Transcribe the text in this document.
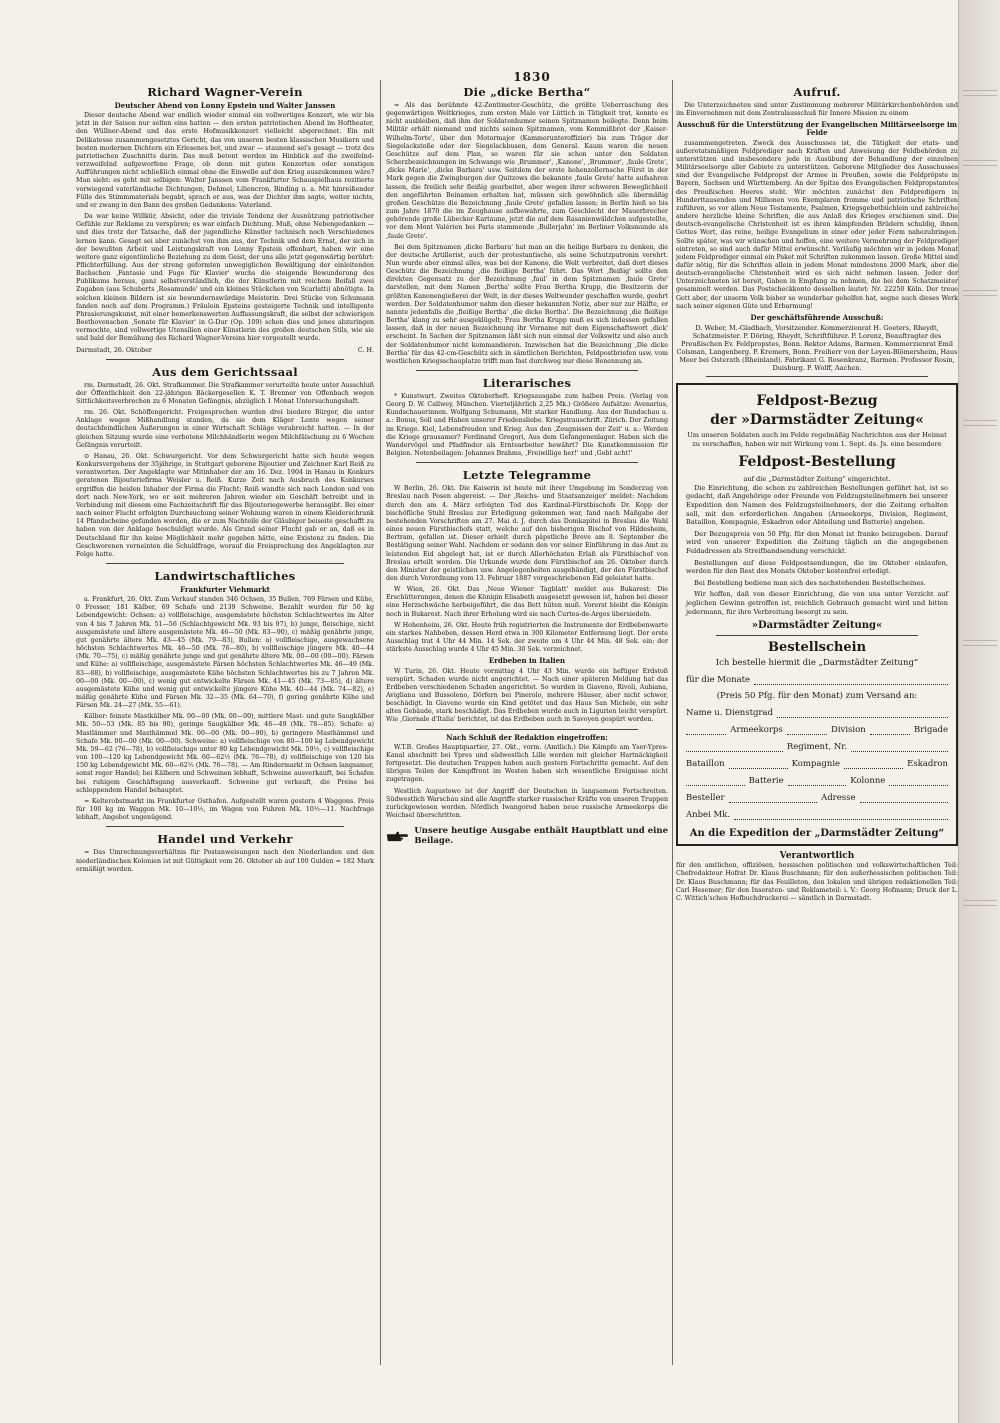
1830
Richard Wagner-Verein
Deutscher Abend von Lonny Epstein und Walter Janssen

Dieser deutsche Abend war endlich wieder einmal ein vollwertiges Konzert, wie wir bis jetzt in der Saison nur selten eins hatten — den ersten patriotischen Abend im Hoftheater, den Wüllner-Abend und das erste Hofmusikkonzert vielleicht abgerechnet. Ein mit Delikatesse zusammengesetztes Gericht, das von unseren besten klassischen Musikern und besten modernen Dichtern ein Erlesenes bot, und zwar — staunend sei's gesagt — trotz des patriotischen Zuschnitts darin. Das muß betont werden im Hinblick auf die zweifelnd-verzweifelnd aufgeworfene Frage, ob denn mit guten Konzerten oder sonstigen Aufführungen nicht schließlich einmal ohne die Einwelle auf den Krieg auszukommen wäre? Man sieht: es geht mit selbigen: Walter Janssen vom Frankfurter Schauspielhaus rezitierte vorwiegend vaterländische Dichtungen, Dehmel, Liliencron, Binding u. a. Mit hinreißender Fülle des Stimmmaterials begabt, sprach er aus, was der Dichter ihm sagte, weiter nichts, und er zwang in den Bann des großen Gedankens: Vaterland.

Da war keine Willkür, Absicht, oder die triviale Tendenz der Ausnützung patriotischer Gefühle zur Reklame zu verspüren; es war einfach Dichtung. Muß, ohne Nebengedanken — und dies trotz der Tatsache, daß der jugendliche Künstler technisch noch Verschiedenes lernen kann. Gesagt sei aber zunächst von ihm aus, der Technik und dem Ernst, der sich in der bewußten Arbeit und Leistungskraft von Lonny Epstein offenbart, haben wir eine weitere ganz eigentümliche Beziehung zu dem Geist, der uns alle jetzt gegenwärtig berührt: Pflichterfüllung. Aus der streng geformten unwegiglichen Bewältigung der einleitenden Bachschen ‚Fantasie und Fuge für Klavier' wuchs die steigende Bewunderung des Publikums heraus, ganz selbstverständlich, die der Künstlerin mit reichem Beifall zwei Zugaben (aus Schuberts ‚Rosamunde' und ein kleines Stückchen von Scarlatti) abnötigte. In solchen kleinen Bildern ist sie bewundernswürdige Meisterin. Drei Stücke von Schumann fanden noch auf dem Programm.) Fräulein Epsteins gesteigerte Technik und intelligente Phrasierungskunst, mit einer bemerkenswerten Auffassungskraft, die selbst der schwierigen Beethovenschen ‚Sonate für Klavier' in G-Dur (Op. 109) schon dies und jenes abzuringen vermochte, sind vollwertige Utensilien einer Künstlerin des großen deutschen Stils, wie sie und bald der Bemühung des Richard Wagner-Vereins hier vorgestellt wurde.

Darmstadt, 26. Oktober	C. H.
Aus dem Gerichtssaal

rm. Darmstadt, 26. Okt. Strafkammer. Die Strafkammer verurteilte heute unter Ausschluß der Öffentlichkeit den 22-jährigen Bäckergesellen K. T. Brenner von Offenbach wegen Sittlichkeitsverbrechen zu 6 Monaten Gefängnis, abzüglich 1 Monat Untersuchungshaft.

rm. 26. Okt. Schöffengericht. Freigesprochen wurden drei biedere Bürger, die unter Anklage wegen Mißhandlung standen, da sie dem Kläger Lente wegen seiner deutschfeindlichen Äußerungen in einer Wirtschaft Schläge verabreicht hatten. — In der gleichen Sitzung wurde eine verbotene Milchhändlerin wegen Milchfälschung zu 6 Wochen Gefängnis verurteilt.

⊙ Hanau, 26. Okt. Schwurgericht. Vor dem Schwurgericht hatte sich heute wegen Konkursvergehens der 35jährige, in Stuttgart geborene Bijoutier und Zeichner Karl Reiß zu verantworten. Der Angeklagte war Mitinhaber der am 16. Dez. 1904 in Hanau in Konkurs geratenen Bijouteriefirma Weisler u. Reiß. Kurze Zeit nach Ausbruch des Konkurses ergriffen die beiden Inhaber der Firma die Flucht; Reiß wandte sich nach London und von dort nach New-York, wo er seit mehreren Jahren wieder ein Geschäft betreibt und in Verbindung mit diesem eine Fachzeitschrift für das Bijouteriegewerbe herausgibt. Bei einer nach seiner Flucht erfolgten Durchsuchung seiner Wohnung waren in einem Kleiderschrank 14 Pfandscheine gefunden worden, die er zum Nachteile der Gläubiger beiseite geschafft zu haben von der Anklage beschuldigt wurde. Als Grund seiner Flucht gab er an, daß es in Deutschland für ihn keine Möglichkeit mehr gegeben hätte, eine Existenz zu finden. Die Geschworenen verneinten die Schuldfrage, worauf die Freisprechung des Angeklagten zur Folge hatte.

Landwirtschaftliches
Frankfurter Viehmarkt

a. Frankfurt, 26. Okt. Zum Verkauf standen 346 Ochsen, 35 Bullen, 769 Färsen und Kühe, 0 Fresser, 181 Kälber, 69 Schafe und 2139 Schweine. Bezahlt wurden für 50 kg Lebendgewicht: Ochsen: a) vollfleischige, ausgemästete höchsten Schlachtwertes im Alter von 4 bis 7 Jahren Mk. 51—56 (Schlachtgewicht Mk. 93 bis 97), b) junge, fleischige, nicht ausgemästete und ältere ausgemästete Mk. 46—50 (Mk. 83—90), c) mäßig genährte junge, gut genährte ältere Mk. 43—45 (Mk. 79—83), Bullen: a) vollfleischige, ausgewachsene höchsten Schlachtwertes Mk. 46—50 (Mk. 76—80), b) vollfleischige jüngere Mk. 40—44 (Mk. 70—75), c) mäßig genährte junge und gut genährte ältere Mk. 00—00 (00—00). Färsen und Kühe: a) vollfleischige, ausgemästete Färsen höchsten Schlachtwertes Mk. 46—49 (Mk. 83—88), b) vollfleischige, ausgemästete Kühe höchsten Schlachtwertes bis zu 7 Jahren Mk. 00—00 (Mk. 00—00), c) wenig gut entwickelte Färsen Mk. 41—45 (Mk. 73—85), d) ältere ausgemästete Kühe und wenig gut entwickelte jüngere Kühe Mk. 40—44 (Mk. 74—82), e) mäßig genährte Kühe und Färsen Mk. 32—35 (Mk. 64—70), f) gering genährte Kühe und Färsen Mk. 24—27 (Mk. 55—61).

Kälber: feinste Mastkälber Mk. 00—00 (Mk. 00—00), mittlere Mast- und gute Saugkälber Mk. 50—53 (Mk. 85 bis 90), geringe Saugkälber Mk. 46—49 (Mk. 78—85). Schafe: a) Mastlämmer und Masthämmel Mk. 00—00 (Mk. 00—90), b) geringere Masthämmel und Schafe Mk. 00—00 (Mk. 00—00). Schweine: a) vollfleischige von 80—100 kg Lebendgewicht Mk. 59—62 (76—78), b) vollfleischige unter 80 kg Lebendgewicht Mk. 59½, c) vollfleischige von 100—120 kg Lebendgewicht Mk. 60—62½ (Mk. 76—78), d) vollfleischige von 120 bis 150 kg Lebendgewicht Mk. 60—62½ (Mk. 76—78). — Am Rindermarkt in Ochsen langsamer, sonst reger Handel; bei Kälbern und Schweinen lebhaft, Schweine ausverkauft, bei Schafen bei ruhigem Geschäftsgang ausverkauft. Schweine gut verkauft, die Preise bei schleppendem Handel behauptet.

= Kelterobstmarkt im Frankfurter Osthafen. Aufgestellt waren gestern 4 Waggons. Preis für 100 kg im Waggon Mk. 10—10½, im Wagen von Fuhren Mk. 10½—11. Nachfrage lebhaft, Angebot ungenügend.

Handel und Verkehr

= Das Umrechnungsverhältnis für Postanweisungen nach den Niederlanden und den niederländischen Kolonien ist mit Gültigkeit vom 26. Oktober ab auf 100 Gulden = 182 Mark ermäßigt worden.

Die „dicke Bertha“

= Als das berühmte 42-Zentimeter-Geschütz, die größte Ueberraschung des gegenwärtigen Weltkrieges, zum ersten Male vor Lüttich in Tätigkeit trat, konnte es nicht ausbleiben, daß ihm der Soldatenhumor seinen Spitznamen beilegte. Denn beim Militär erhält niemand und nichts seinen Spitznamen, vom Kommißbrot der ‚Kaiser-Wilhelm-Torte', über den Motormajor (Kammerunteroffizier) bis zum Träger der Siegelackstoße oder der Siegelackbusen, dem General. Kaum waren die neuen Geschütze auf dem Plan, so waren für sie schon unter den Soldaten Scherzbezeichnungen im Schwange wie ‚Brummer', ‚Kanone', ‚Brummer', ‚faule Grete', ‚dicke Marie', ‚dicke Barbara' usw. Seitdem der erste hohenzollernsche Fürst in der Mark gegen die Zwingburgen der Quitzows die bekannte ‚faule Grete' hatte aufsahren lassen, die freilich sehr fleißig gearbeitet, aber wegen ihrer schweren Beweglichkeit den angeführten Beinamen erhalten hat, müssen sich gewöhnlich alle übermäßig großen Geschütze die Bezeichnung ‚faule Grete' gefallen lassen; in Berlin hieß so bis zum Jahre 1870 die im Zeughause aufbewahrte, zum Geschlecht der Mauerbrecher gehörende große Lübecker Kartaune, jetzt die auf dem Rasanienwäldchen aufgestellte, vor dem Mont Valérien bei Paris stammende ‚Bullerjahn' im Berliner Volksmunde als ‚faule Grete'.

Bei dem Spitznamen ‚dicke Barbara' hat man an die heilige Barbara zu denken, die der deutsche Artillerist, auch der protestantische, als seine Schutzpatronin verehrt. Nun wurde aber einmal alles, was bei der Kanone, die Welt verbreitet, daß dort dieses Geschütz die Bezeichnung ‚die fleißige Bertha' führt. Das Wort ‚fleißig' sollte den direkten Gegensatz zu der Bezeichnung ‚faul' in dem Spitznamen ‚faule Grete' darstellen, mit dem Namen ‚Bertha' sollte Frau Bertha Krupp, die Besitzerin der größten Kanonengießerei der Welt, in der dieses Weltwunder geschaffen wurde, geehrt werden. Der Soldatenhumor nahm den dieser bekannten Notiz, aber nur zur Hälfte, er nannte jedenfalls die ‚fleißige Bertha' ‚die dicke Bertha'. Die Bezeichnung ‚die fleißige Bertha' klang zu sehr ausgeklügelt; Frau Bertha Krupp muß es sich indessen gefallen lassen, daß in der neuen Bezeichnung ihr Vorname mit dem Eigenschaftswort ‚dick' erscheint. In Sachen der Spitznamen läßt sich nun einmal der Volkswitz und also auch der Soldatenhumor nicht kommandieren. Inzwischen hat die Bezeichnung ‚Die dicke Bertha' für das 42-cm-Geschütz sich in sämtlichen Berichten, Feldpostbriefen usw. vom westlichen Kriegsschauplatze trifft man fast durchweg nur diese Benennung an.

Literarisches

* Kunstwart. Zweites Oktoberheft. Kriegsausgabe zum halben Preis. (Verlag von Georg D. W. Callwey, München. Vierteljährlich 2,25 Mk.) Größere Aufsätze: Avenarius, Kundschauerinnen. Wolfgang Schumann, Mit starker Handlung. Aus der Rundschau u. a.: Bonus, Soll und Haben unserer Friedensliebe. Kriegstrauschrift. Zürich. Der Zeitung im Kriege. Kiel, Lebensfreuden und Krieg. Aus den ‚Zeugnissen der Zeit' u. a.: Werden die Kriege grausamer? Ferdinand Gregori, Aus dem Gefangenenlager. Haben sich die Wandervögel und Pfadfinder als Erntearbeiter bewährt? Die Kunstkommission für Belgien. Notenbeilagen: Johannes Brahms, ‚Freiwillige her!' und ‚Gebt acht!'

Letzte Telegramme

W Berlin, 26. Okt. Die Kaiserin ist heute mit ihrer Umgebung im Sonderzug von Breslau nach Posen abgereist. — Der ‚Reichs- und Staatsanzeiger' meldet: Nachdem durch den am 4. März erfolgten Tod des Kardinal-Fürstbischofs Dr. Kopp der bischöfliche Stuhl Breslau zur Erledigung gekommen war, fand nach Maßgabe der bestehenden Vorschriften am 27. Mai d. J. durch das Domkapitel in Breslau die Wahl eines neuen Fürstbischofs statt, welche auf den bisherigen Bischof von Hildesheim, Bertram, gefallen ist. Dieser erhielt durch päpstliche Breve am 8. September die Bestätigung seiner Wahl. Nachdem er sodann den vor seiner Einführung in das Amt zu leistenden Eid abgelegt hat, ist er durch Allerhöchsten Erlaß als Fürstbischof von Breslau erteilt worden. Die Urkunde wurde dem Fürstbischof am 26. Oktober durch den Minister der geistlichen usw. Angelegenheiten ausgehändigt, der den Fürstbischof den durch Verordnung vom 13. Februar 1887 vorgeschriebenen Eid geleistet hatte.

W Wien, 26. Okt. Das ‚Neue Wiener Tagblatt' meldet aus Bukarest: Die Erschütterungen, denen die Königin Elisabeth ausgesetzt gewesen ist, haben bei dieser eine Herzschwäche herbeigeführt, die das Bett hüten muß. Vorerst bleibt die Königin noch in Bukarest. Nach ihrer Erholung wird sie nach Curtea-de-Arges übersiedeln.

W Hohenheim, 26. Okt. Heute früh registrierten die Instrumente der Erdbebenwarte ein starkes Nahbeben, dessen Herd etwa in 300 Kilometer Entfernung liegt. Der erste Ausschlag trat 4 Uhr 44 Min. 14 Sek. der zweite um 4 Uhr 44 Min. 48 Sek. ein; der stärkste Ausschlag wurde 4 Uhr 45 Min. 30 Sek. verzeichnet.

Erdbeben in Italien

W Turin, 26. Okt. Heute vormittag 4 Uhr 43 Min. wurde ein heftiger Erdstoß verspürt. Schaden wurde nicht angerichtet. — Nach einer späteren Meldung hat das Erdbeben verschiedenen Schaden angerichtet. So wurden in Giaveno, Rivoli, Aubiana, Avigliana und Bussoleno, Dörfern bei Pinerolo, mehrere Häuser, aber nicht schwer, beschädigt. In Giaveno wurde ein Kind getötet und das Haus San Michele, ein sehr altes Gebäude, stark beschädigt. Das Erdbeben wurde auch in Ligurien leicht verspürt. Wie ‚Giornale d'Italia' berichtet, ist das Erdbeben auch in Savoyen gespürt worden.

Nach Schluß der Redaktion eingetroffen:

W.T.B. Großes Hauptquartier, 27. Okt., vorm. (Amtlich.) Die Kämpfe am Yser-Ypres-Kanal abschnitt bei Ypres und südwestlich Lille werden mit gleicher Hartnäckigkeit fortgesetzt. Die deutschen Truppen haben auch gestern Fortschritte gemacht. Auf den übrigen Teilen der Kampffront im Westen haben sich wesentliche Ereignisse nicht zugetragen.

Westlich Augustowo ist der Angriff der Deutschen in langsamem Fortschreiten. Südwestlich Warschau sind alle Angriffe starker russischer Kräfte von unseren Truppen zurückgewiesen worden. Nördlich Iwangorod haben neue russische Armeekorps die Weichsel überschritten.

Unsere heutige Ausgabe enthält Hauptblatt und eine Beilage.
Aufruf.

Die Unterzeichneten sind unter Zustimmung mehrerer Militärkirchenbehörden und im Einvernehmen mit dem Zentralausschuß für Innere Mission zu einem

Ausschuß für die Unterstützung der Evangelischen Militärseelsorge im Felde

zusammengetreten. Zweck des Ausschusses ist, die Tätigkeit der etats- und außeretatsmäßigen Feldprediger nach Kräften und Anweisung der Feldbehörden zu unterstützen und insbesondere jede in Ausübung der Behandlung der einzelnen Militärseelsorge aller Gebiete zu unterstützen. Geborene Mitglieder des Ausschusses sind der Evangelische Feldpropst der Armee in Preußen, sowie die Feldpröpste in Bayern, Sachsen und Württemberg. An der Spitze des Evangelischen Feldpropstamtes des Preußischen Heeres steht. Wir möchten zunächst den Feldpredigern in Hunderttausenden und Millionen von Exemplaren fromme und patriotische Schriften zuführen, so vor allem Neue Testamente, Psalmen, Kriegsgebetbüchlein und zahlreiche andere herzliche kleine Schriften, die aus Anlaß des Krieges erschienen sind. Die deutsch-evangelische Christenheit ist es ihren kämpfenden Brüdern schuldig, ihnen Gottes Wort, das reine, heilige Evangelium in einer oder jeder Form nahezubringen. Sollte später, was wir wünschen und hoffen, eine weitere Vermehrung der Feldprediger eintreten, so sind auch dafür Mittel erwünscht. Vorläufig möchten wir in jedem Monat jedem Feldprediger einmal ein Paket mit Schriften zukommen lassen. Große Mittel sind dafür nötig, für die Schriften allein in jedem Monat mindestens 2000 Mark, aber die deutsch-evangelische Christenheit wird es sich nicht nehmen lassen. Jeder der Unterzeichneten ist bereit, Gaben in Empfang zu nehmen, die bei dem Schatzmeister gesammelt werden. Das Postscheckkonto desselben lautet: Nr. 22250 Köln. Der treue Gott aber, der unserm Volk bisher so wunderbar geholfen hat, segne auch dieses Werk nach seiner eigenen Güte und Erbarmung!

Der geschäftsführende Ausschuß:
D. Weber, M.-Gladbach, Vorsitzender. Kommerzienrat H. Goeters, Rheydt, Schatzmeister. P. Döring, Rheydt, Schriftführer. P. Lorenz, Beauftragter des Preußischen Ev. Feldpropstes, Bonn. Rektor Adams, Barmen. Kommerzienrat Emil Colsman, Langenberg. P. Kremers, Bonn. Freiherr von der Leyen-Blömersheim, Haus Meer bei Osterath (Rheinland). Fabrikant G. Rosenkranz, Barmen. Professor Rosin, Duisburg. P. Wolff, Aachen.
Feldpost-Bezug
der »Darmstädter Zeitung«
Um unseren Soldaten auch im Felde regelmäßig Nachrichten aus der Heimat zu verschaffen, haben wir mit Wirkung vom 1. Sept. ds. Js. eine besondere
Feldpost-Bestellung
auf die „Darmstädter Zeitung“ eingerichtet.

Die Einrichtung, die schon zu zahlreichen Bestellungen geführt hat, ist so gedacht, daß Angehörige oder Freunde von Feldzugsteilnehmern bei unserer Expedition den Namen des Feldzugsteilnehmers, der die Zeitung erhalten soll, mit den erforderlichen Angaben (Armeekorps, Division, Regiment, Bataillon, Kompagnie, Eskadron oder Abteilung und Batterie) angeben.

Der Bezugspreis von 50 Pfg. für den Monat ist franko beizugeben. Darauf wird von unserer Expedition die Zeitung täglich an die angegebenen Feldadressen als Streifbandsendung verschickt.

Bestellungen auf diese Feldpostsendungen, die im Oktober einlaufen, werden für den Rest des Monats Oktober kostenfrei erledigt.

Bei Bestellung bediene man sich des nachstehenden Bestellscheines.

Wir hoffen, daß von dieser Einrichtung, die von uns unter Verzicht auf jeglichen Gewinn getroffen ist, reichlich Gebrauch gemacht wird und bitten jedermann, für ihre Verbreitung besorgt zu sein.

»Darmstädter Zeitung«
Bestellschein
Ich bestelle hiermit die „Darmstädter Zeitung“
für die Monate
(Preis 50 Pfg. für den Monat) zum Versand an:
Name u. Dienstgrad
Armeekorps	Division	Brigade
Regiment, Nr.
Bataillon	Kompagnie	Eskadron
Batterie	Kolonne
Besteller	Adresse
Anbei Mk.
An die Expedition der „Darmstädter Zeitung“
Verantwortlich

für den amtlichen, offiziösen, hessischen politischen und volkswirtschaftlichen Teil: Chefredakteur Hofrat Dr. Klaus Buschmann; für den außerhessischen politischen Teil: Dr. Klaus Buschmann; für das Feuilleton, den lokalen und übrigen redaktionellen Teil: Carl Hesemer; für den Inseraten- und Reklameteil: i. V.: Georg Hofmann; Druck der L. C. Wittich'schen Hofbuchdruckerei — sämtlich in Darmstadt.
